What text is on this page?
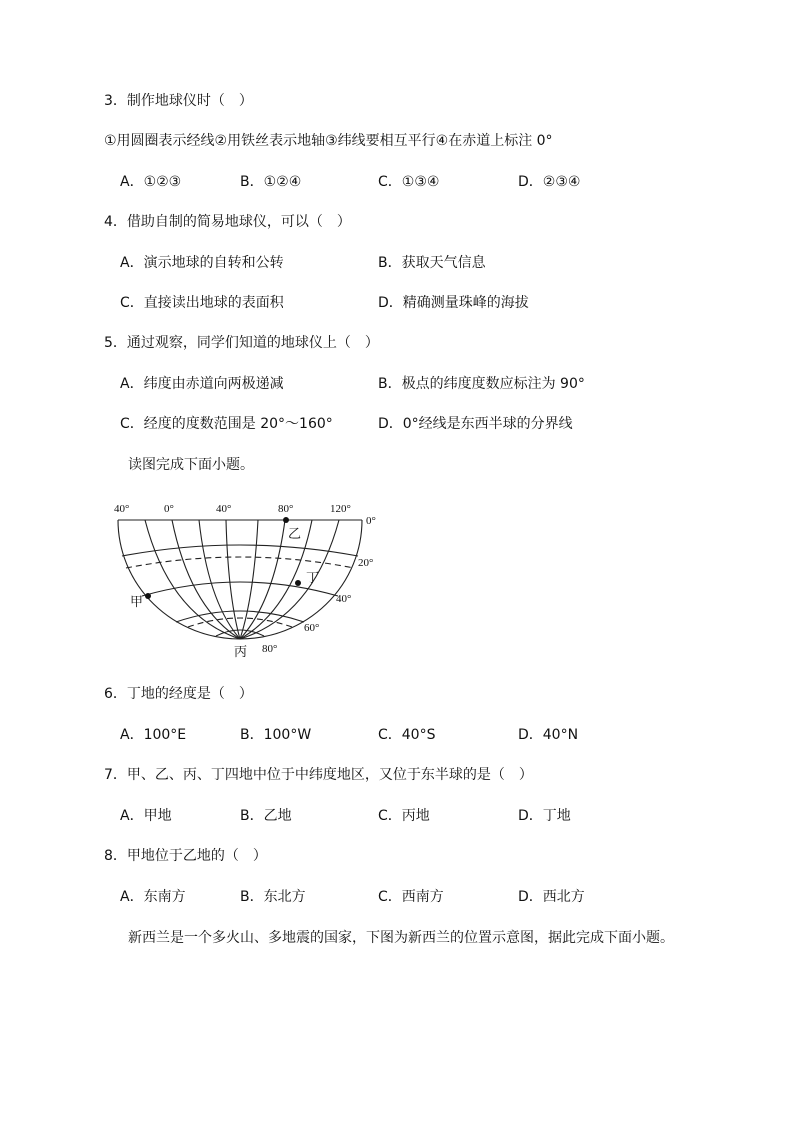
3．制作地球仪时（　）
①用圆圈表示经线②用铁丝表示地轴③纬线要相互平行④在赤道上标注 0°
A．①②③	B．①②④	C．①③④	D．②③④
4．借助自制的简易地球仪，可以（　）
A．演示地球的自转和公转	B．获取天气信息
C．直接读出地球的表面积	D．精确测量珠峰的海拔
5．通过观察，同学们知道的地球仪上（　）
A．纬度由赤道向两极递减	B．极点的纬度度数应标注为 90°
C．经度的度数范围是 20°～160°	D．0°经线是东西半球的分界线
读图完成下面小题。
40°	0°	40°	80°	120°
0°
20°
40°
60°
80°
甲
乙
丙
丁
6．丁地的经度是（　）
A．100°E	B．100°W	C．40°S	D．40°N
7．甲、乙、丙、丁四地中位于中纬度地区，又位于东半球的是（　）
A．甲地	B．乙地	C．丙地	D．丁地
8．甲地位于乙地的（　）
A．东南方	B．东北方	C．西南方	D．西北方
新西兰是一个多火山、多地震的国家，下图为新西兰的位置示意图，据此完成下面小题。
